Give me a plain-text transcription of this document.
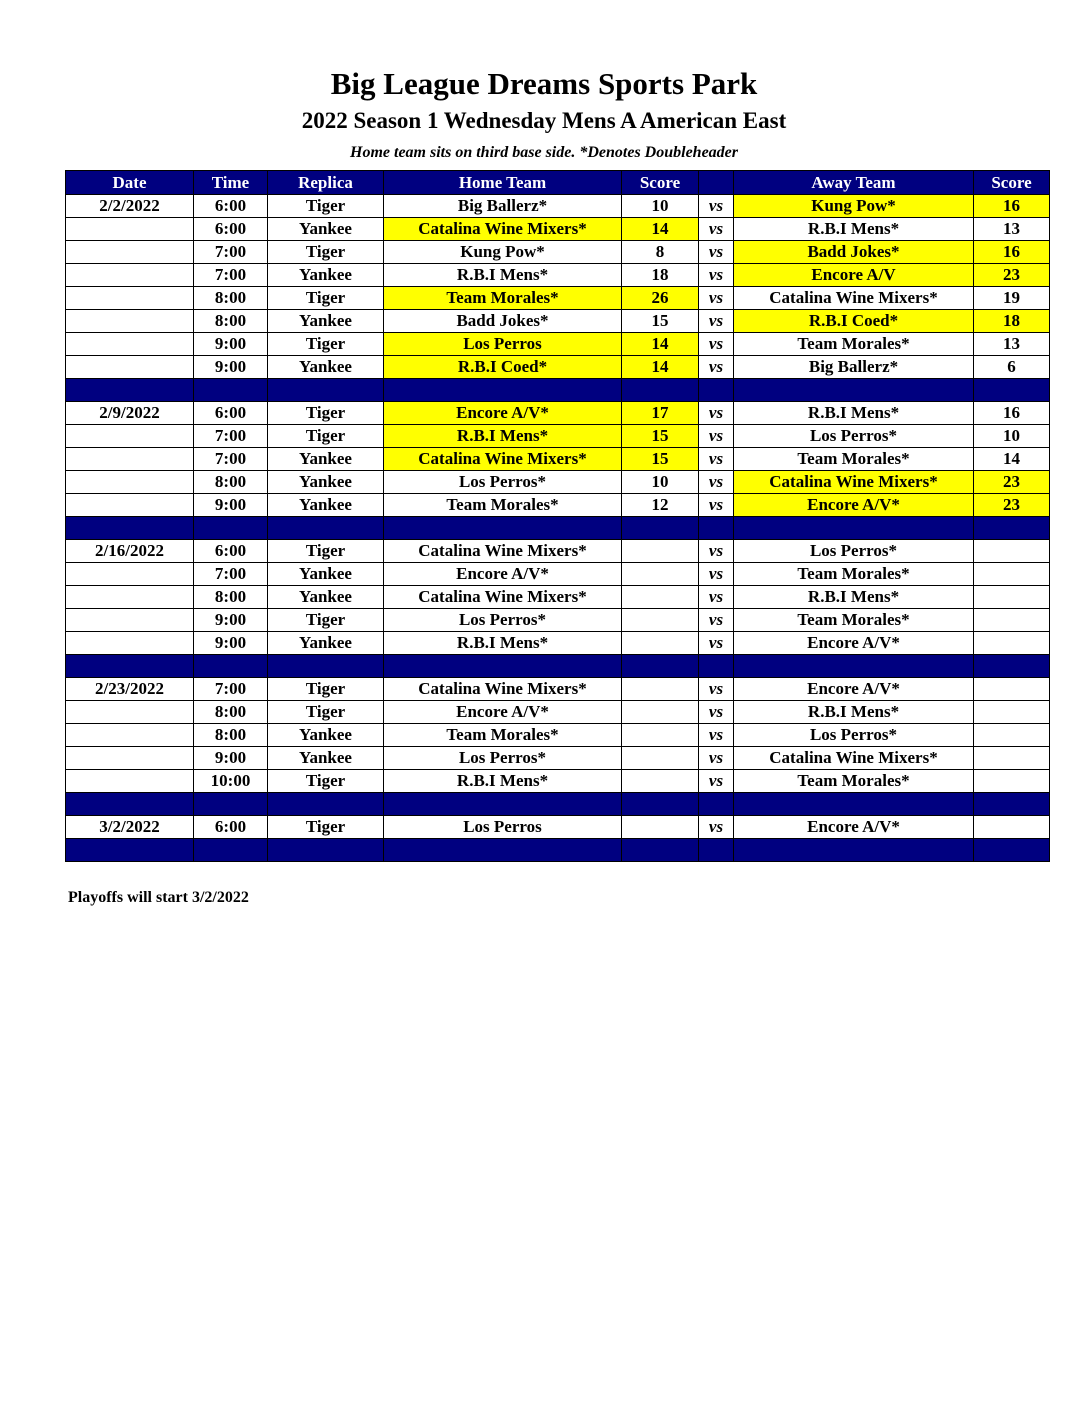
Big League Dreams Sports Park
2022 Season 1 Wednesday Mens A American East
Home team sits on third base side. *Denotes Doubleheader
Date	Time	Replica	Home Team	Score		Away Team	Score
2/2/2022	6:00	Tiger	Big Ballerz*	10	vs	Kung Pow*	16
	6:00	Yankee	Catalina Wine Mixers*	14	vs	R.B.I Mens*	13
	7:00	Tiger	Kung Pow*	8	vs	Badd Jokes*	16
	7:00	Yankee	R.B.I Mens*	18	vs	Encore A/V	23
	8:00	Tiger	Team Morales*	26	vs	Catalina Wine Mixers*	19
	8:00	Yankee	Badd Jokes*	15	vs	R.B.I Coed*	18
	9:00	Tiger	Los Perros	14	vs	Team Morales*	13
	9:00	Yankee	R.B.I Coed*	14	vs	Big Ballerz*	6

2/9/2022	6:00	Tiger	Encore A/V*	17	vs	R.B.I Mens*	16
	7:00	Tiger	R.B.I Mens*	15	vs	Los Perros*	10
	7:00	Yankee	Catalina Wine Mixers*	15	vs	Team Morales*	14
	8:00	Yankee	Los Perros*	10	vs	Catalina Wine Mixers*	23
	9:00	Yankee	Team Morales*	12	vs	Encore A/V*	23

2/16/2022	6:00	Tiger	Catalina Wine Mixers*		vs	Los Perros*	
	7:00	Yankee	Encore A/V*		vs	Team Morales*	
	8:00	Yankee	Catalina Wine Mixers*		vs	R.B.I Mens*	
	9:00	Tiger	Los Perros*		vs	Team Morales*	
	9:00	Yankee	R.B.I Mens*		vs	Encore A/V*	

2/23/2022	7:00	Tiger	Catalina Wine Mixers*		vs	Encore A/V*	
	8:00	Tiger	Encore A/V*		vs	R.B.I Mens*	
	8:00	Yankee	Team Morales*		vs	Los Perros*	
	9:00	Yankee	Los Perros*		vs	Catalina Wine Mixers*	
	10:00	Tiger	R.B.I Mens*		vs	Team Morales*	

3/2/2022	6:00	Tiger	Los Perros		vs	Encore A/V*	

Playoffs will start 3/2/2022
